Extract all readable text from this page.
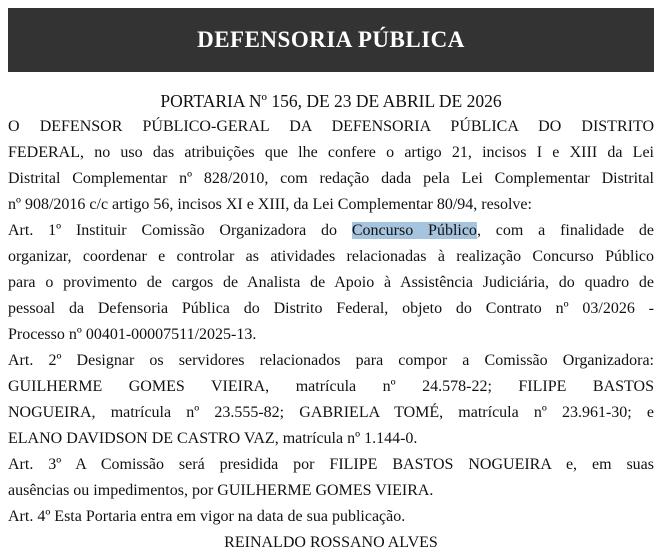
DEFENSORIA PÚBLICA
PORTARIA Nº 156, DE 23 DE ABRIL DE 2026
O DEFENSOR PÚBLICO-GERAL DA DEFENSORIA PÚBLICA DO DISTRITO
FEDERAL, no uso das atribuições que lhe confere o artigo 21, incisos I e XIII da Lei
Distrital Complementar nº 828/2010, com redação dada pela Lei Complementar Distrital
nº 908/2016 c/c artigo 56, incisos XI e XIII, da Lei Complementar 80/94, resolve:
Art. 1º Instituir Comissão Organizadora do Concurso Público, com a finalidade de
organizar, coordenar e controlar as atividades relacionadas à realização Concurso Público
para o provimento de cargos de Analista de Apoio à Assistência Judiciária, do quadro de
pessoal da Defensoria Pública do Distrito Federal, objeto do Contrato nº 03/2026 -
Processo nº 00401-00007511/2025-13.
Art. 2º Designar os servidores relacionados para compor a Comissão Organizadora:
GUILHERME GOMES VIEIRA, matrícula nº 24.578-22; FILIPE BASTOS
NOGUEIRA, matrícula nº 23.555-82; GABRIELA TOMÉ, matrícula nº 23.961-30; e
ELANO DAVIDSON DE CASTRO VAZ, matrícula nº 1.144-0.
Art. 3º A Comissão será presidida por FILIPE BASTOS NOGUEIRA e, em suas
ausências ou impedimentos, por GUILHERME GOMES VIEIRA.
Art. 4º Esta Portaria entra em vigor na data de sua publicação.
REINALDO ROSSANO ALVES
